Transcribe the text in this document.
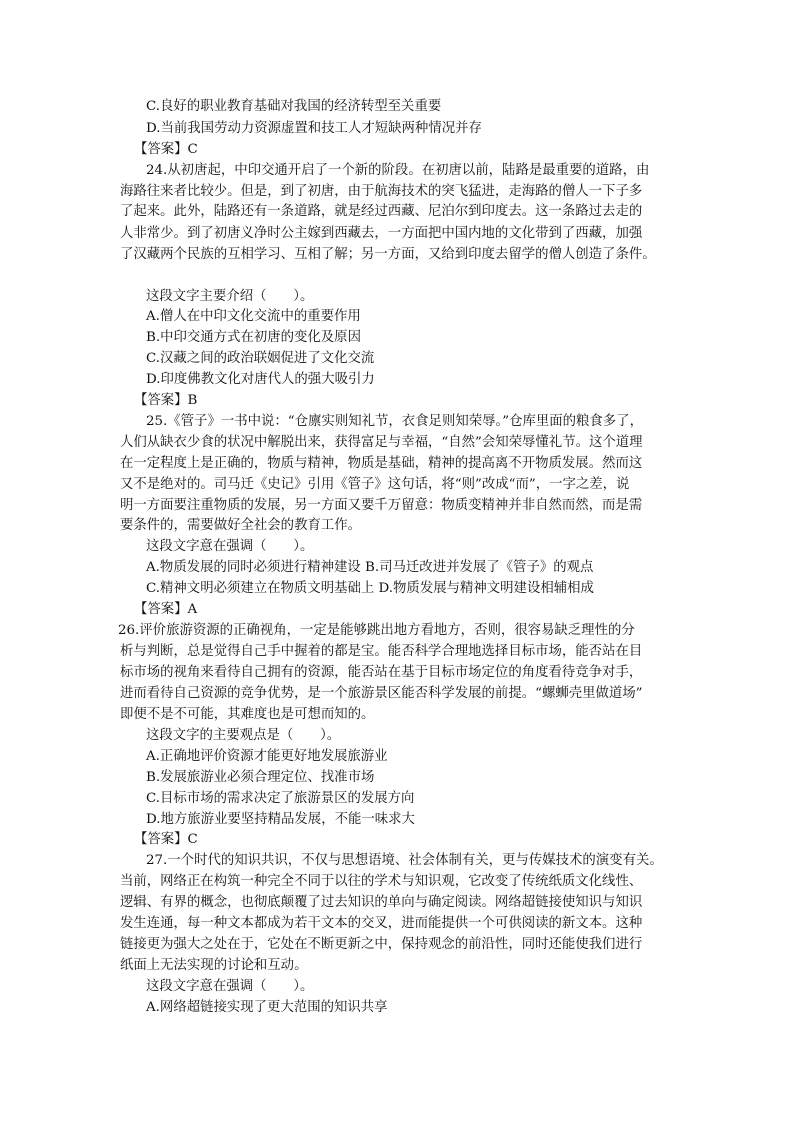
C.良好的职业教育基础对我国的经济转型至关重要
D.当前我国劳动力资源虚置和技工人才短缺两种情况并存
【答案】C
24.从初唐起，中印交通开启了一个新的阶段。在初唐以前，陆路是最重要的道路，由
海路往来者比较少。但是，到了初唐，由于航海技术的突飞猛进，走海路的僧人一下子多
了起来。此外，陆路还有一条道路，就是经过西藏、尼泊尔到印度去。这一条路过去走的
人非常少。到了初唐义净时公主嫁到西藏去，一方面把中国内地的文化带到了西藏，加强
了汉藏两个民族的互相学习、互相了解；另一方面，又给到印度去留学的僧人创造了条件。
这段文字主要介绍（　　）。
A.僧人在中印文化交流中的重要作用
B.中印交通方式在初唐的变化及原因
C.汉藏之间的政治联姻促进了文化交流
D.印度佛教文化对唐代人的强大吸引力
【答案】B
25.《管子》一书中说：“仓廪实则知礼节，衣食足则知荣辱。”仓库里面的粮食多了，
人们从缺衣少食的状况中解脱出来，获得富足与幸福，“自然”会知荣辱懂礼节。这个道理
在一定程度上是正确的，物质与精神，物质是基础，精神的提高离不开物质发展。然而这
又不是绝对的。司马迁《史记》引用《管子》这句话，将“则”改成“而”，一字之差，说
明一方面要注重物质的发展，另一方面又要千万留意：物质变精神并非自然而然，而是需
要条件的，需要做好全社会的教育工作。
这段文字意在强调（　　）。
A.物质发展的同时必须进行精神建设 B.司马迁改进并发展了《管子》的观点
C.精神文明必须建立在物质文明基础上 D.物质发展与精神文明建设相辅相成
【答案】A
26.评价旅游资源的正确视角，一定是能够跳出地方看地方，否则，很容易缺乏理性的分
析与判断，总是觉得自己手中握着的都是宝。能否科学合理地选择目标市场，能否站在目
标市场的视角来看待自己拥有的资源，能否站在基于目标市场定位的角度看待竞争对手，
进而看待自己资源的竞争优势，是一个旅游景区能否科学发展的前提。“螺蛳壳里做道场”
即便不是不可能，其难度也是可想而知的。
这段文字的主要观点是（　　）。
A.正确地评价资源才能更好地发展旅游业
B.发展旅游业必须合理定位、找准市场
C.目标市场的需求决定了旅游景区的发展方向
D.地方旅游业要坚持精品发展，不能一味求大
【答案】C
27.一个时代的知识共识，不仅与思想语境、社会体制有关，更与传媒技术的演变有关。
当前，网络正在构筑一种完全不同于以往的学术与知识观，它改变了传统纸质文化线性、
逻辑、有界的概念，也彻底颠覆了过去知识的单向与确定阅读。网络超链接使知识与知识
发生连通，每一种文本都成为若干文本的交叉，进而能提供一个可供阅读的新文本。这种
链接更为强大之处在于，它处在不断更新之中，保持观念的前沿性，同时还能使我们进行
纸面上无法实现的讨论和互动。
这段文字意在强调（　　）。
A.网络超链接实现了更大范围的知识共享
